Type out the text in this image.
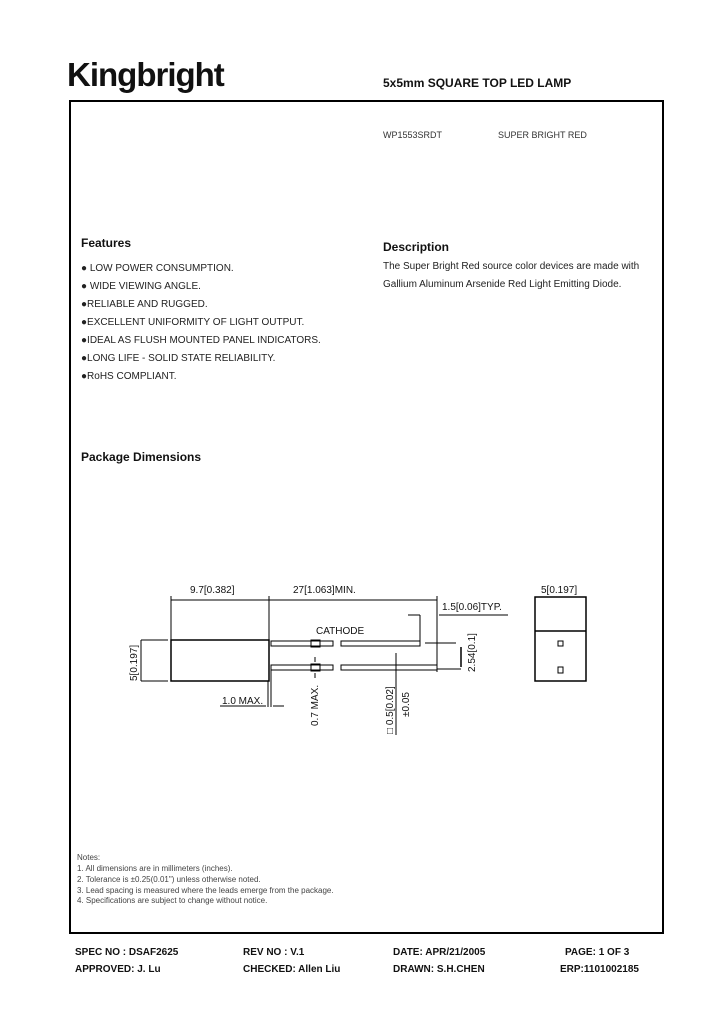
Kingbright	5x5mm SQUARE TOP LED LAMP
WP1553SRDT	SUPER BRIGHT RED
Features
● LOW POWER CONSUMPTION.
● WIDE VIEWING ANGLE.
●RELIABLE AND RUGGED.
●EXCELLENT UNIFORMITY OF LIGHT OUTPUT.
●IDEAL AS FLUSH MOUNTED PANEL INDICATORS.
●LONG LIFE - SOLID STATE RELIABILITY.
●RoHS COMPLIANT.
Description
The Super Bright Red source color devices are made with
Gallium Aluminum Arsenide Red Light Emitting Diode.
Package Dimensions
9.7[0.382]	27[1.063]MIN.
1.5[0.06]TYP.
5[0.197]
CATHODE
1.0 MAX.
5[0.197]	2.54[0.1]
0.7 MAX.	□ 0.5[0.02] ±0.05
Notes:
1. All dimensions are in millimeters (inches).
2. Tolerance is ±0.25(0.01") unless otherwise noted.
3. Lead spacing is measured where the leads emerge from the package.
4. Specifications are subject to change without notice.
SPEC NO : DSAF2625	REV NO : V.1	DATE: APR/21/2005	PAGE: 1 OF 3
APPROVED: J. Lu	CHECKED: Allen Liu	DRAWN: S.H.CHEN	ERP:1101002185
